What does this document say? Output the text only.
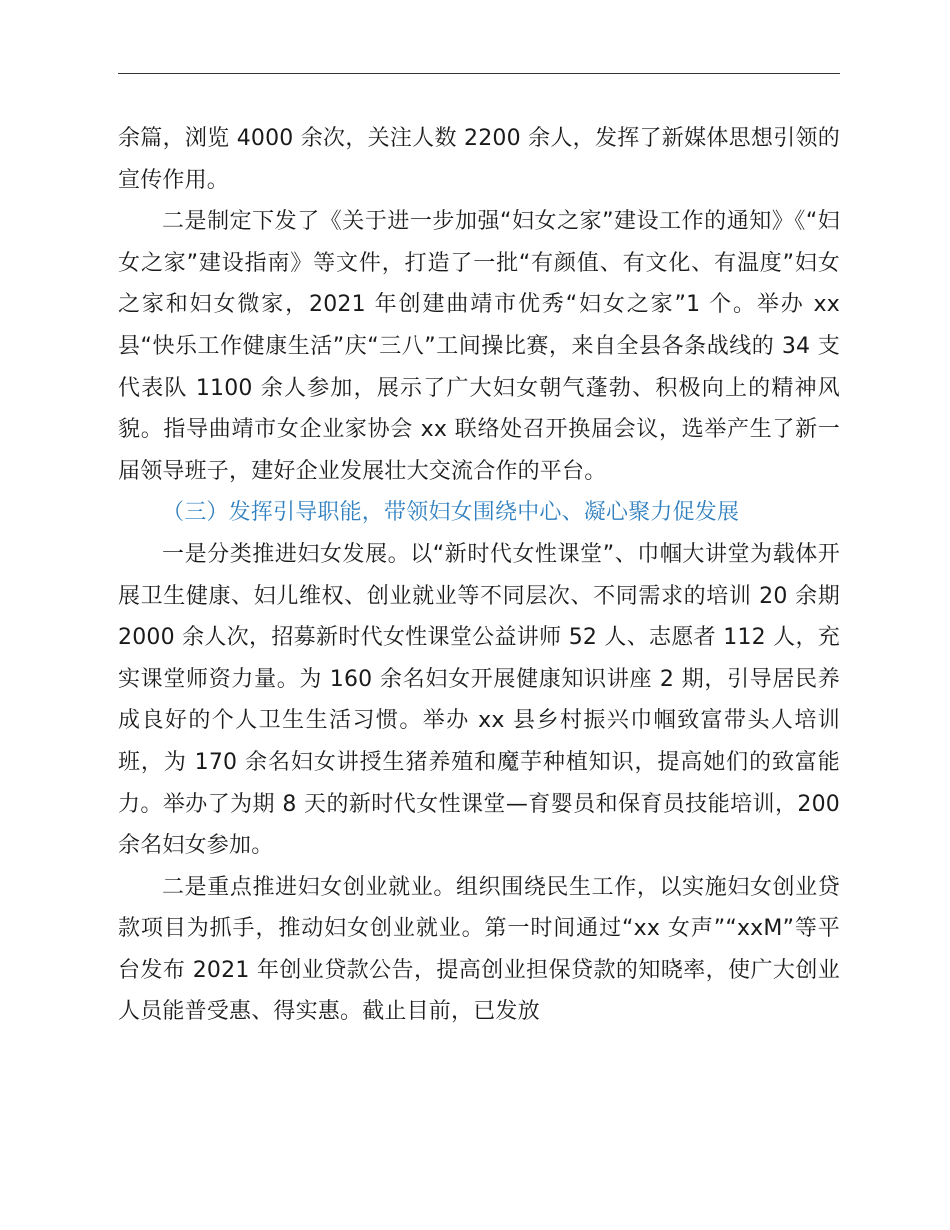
余篇，浏览 4000 余次，关注人数 2200 余人，发挥了新媒体思想引领的宣传作用。

二是制定下发了《关于进一步加强“妇女之家”建设工作的通知》《“妇女之家”建设指南》等文件，打造了一批“有颜值、有文化、有温度”妇女之家和妇女微家，2021 年创建曲靖市优秀“妇女之家”1 个。举办 xx 县“快乐工作健康生活”庆“三八”工间操比赛，来自全县各条战线的 34 支代表队 1100 余人参加，展示了广大妇女朝气蓬勃、积极向上的精神风貌。指导曲靖市女企业家协会 xx 联络处召开换届会议，选举产生了新一届领导班子，建好企业发展壮大交流合作的平台。

（三）发挥引导职能，带领妇女围绕中心、凝心聚力促发展

一是分类推进妇女发展。以“新时代女性课堂”、巾帼大讲堂为载体开展卫生健康、妇儿维权、创业就业等不同层次、不同需求的培训 20 余期 2000 余人次，招募新时代女性课堂公益讲师 52 人、志愿者 112 人，充实课堂师资力量。为 160 余名妇女开展健康知识讲座 2 期，引导居民养成良好的个人卫生生活习惯。举办 xx 县乡村振兴巾帼致富带头人培训班，为 170 余名妇女讲授生猪养殖和魔芋种植知识，提高她们的致富能力。举办了为期 8 天的新时代女性课堂—育婴员和保育员技能培训，200 余名妇女参加。

二是重点推进妇女创业就业。组织围绕民生工作，以实施妇女创业贷款项目为抓手，推动妇女创业就业。第一时间通过“xx 女声”“xxM”等平台发布 2021 年创业贷款公告，提高创业担保贷款的知晓率，使广大创业人员能普受惠、得实惠。截止目前，已发放
